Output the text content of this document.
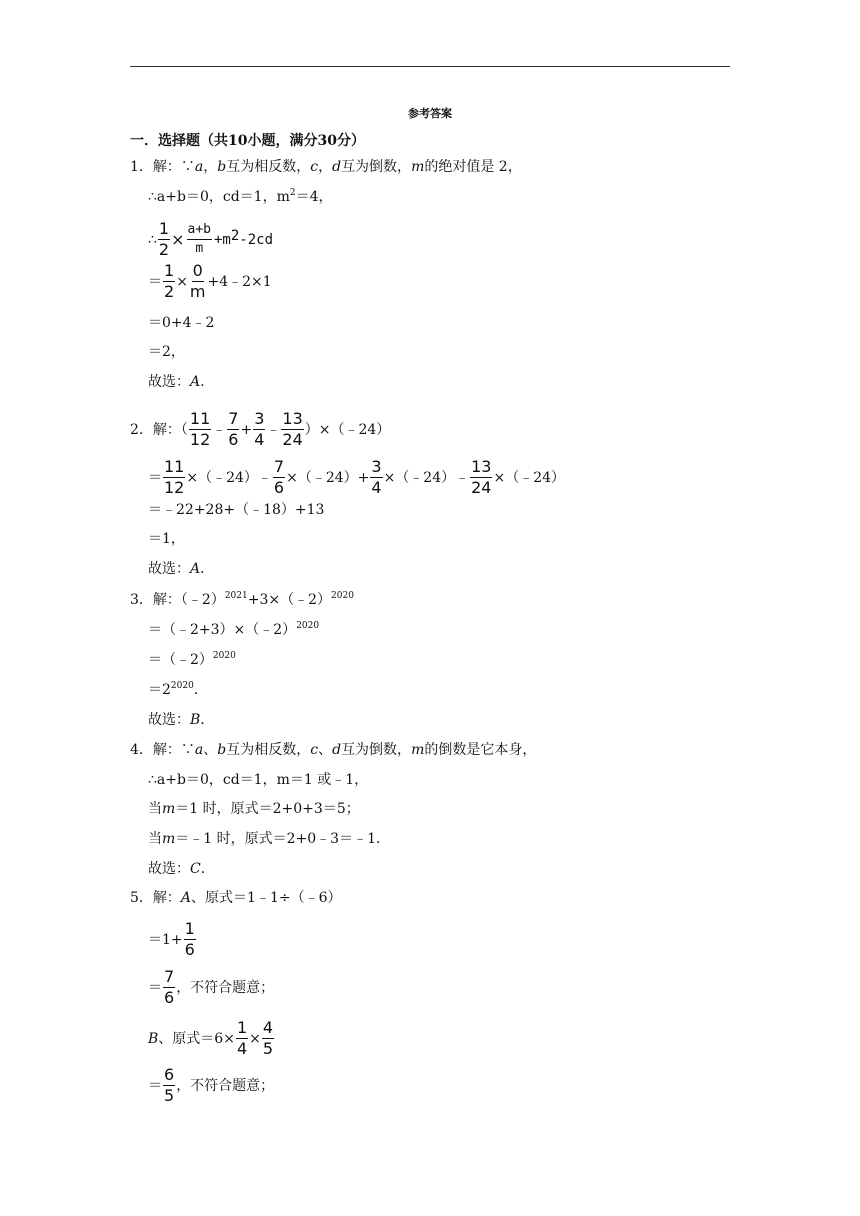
参考答案
一．选择题（共10小题，满分30分）
1．解：∵ a ， b 互为相反数， c ， d 互为倒数， m 的绝对值是 2，
∴a+b＝0，cd＝1，$m^2 =4$，
∴ $\frac{1}{2} \times \frac{a+b}{m} +m^2$ -2cd
＝ $\frac{1}{2} \times \frac{0}{m}$ +4﹣2×1
＝0+4﹣2
＝2，
故选： A ．
2．解：（ $\frac{11}{12}$ ﹣ $\frac{7}{6} + \frac{3}{4}$ ﹣ $\frac{13}{24}$ ）×（﹣24）
＝ $\frac{11}{12}$ ×（﹣24）﹣ $\frac{7}{6}$ ×（﹣24）+ $\frac{3}{4}$ ×（﹣24）﹣ $\frac{13}{24}$ ×（﹣24）
＝﹣22+28+（﹣18）+13
＝1，
故选： A ．
3．解：（﹣2）$^{2021}$ +3×（﹣2）$^{2020}$
＝（﹣2+3）×（﹣2）$^{2020}$
＝（﹣2）$^{2020}$
$=2^{2020}$ ．
故选： B ．
4．解：∵ a 、 b 互为相反数， c 、 d 互为倒数， m 的倒数是它本身，
∴a+b＝0，cd＝1，m＝1 或﹣1，
当 m ＝1 时，原式＝2+0+3＝5；
当 m ＝﹣1 时，原式＝2+0﹣3＝﹣1．
故选： C ．
5．解： A 、原式＝1﹣1÷（﹣6）
$=1+ \frac{1}{6}$
＝ $\frac{7}{6}$ ，不符合题意；
B 、原式$=6\times \frac{1}{4} \times \frac{4}{5}$
＝ $\frac{6}{5}$ ，不符合题意；
